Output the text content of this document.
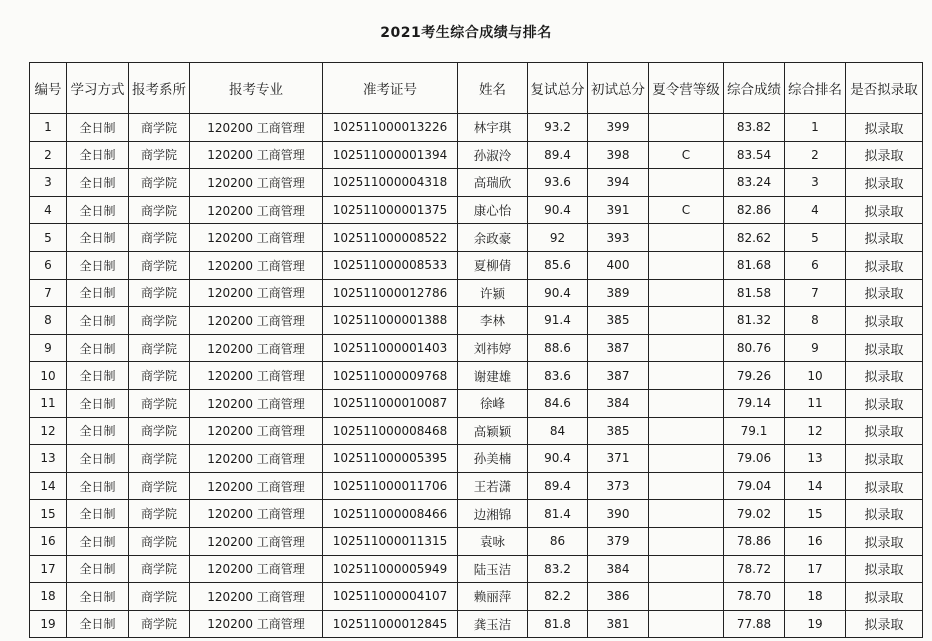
2021考生综合成绩与排名
编号	学习方式	报考系所	报考专业	准考证号	姓名	复试总分	初试总分	夏令营等级	综合成绩	综合排名	是否拟录取
1	全日制	商学院	120200 工商管理	102511000013226	林宇琪	93.2	399		83.82	1	拟录取
2	全日制	商学院	120200 工商管理	102511000001394	孙淑泠	89.4	398	C	83.54	2	拟录取
3	全日制	商学院	120200 工商管理	102511000004318	高瑞欣	93.6	394		83.24	3	拟录取
4	全日制	商学院	120200 工商管理	102511000001375	康心怡	90.4	391	C	82.86	4	拟录取
5	全日制	商学院	120200 工商管理	102511000008522	余政豪	92	393		82.62	5	拟录取
6	全日制	商学院	120200 工商管理	102511000008533	夏柳倩	85.6	400		81.68	6	拟录取
7	全日制	商学院	120200 工商管理	102511000012786	许颍	90.4	389		81.58	7	拟录取
8	全日制	商学院	120200 工商管理	102511000001388	李林	91.4	385		81.32	8	拟录取
9	全日制	商学院	120200 工商管理	102511000001403	刘祎婷	88.6	387		80.76	9	拟录取
10	全日制	商学院	120200 工商管理	102511000009768	谢建雄	83.6	387		79.26	10	拟录取
11	全日制	商学院	120200 工商管理	102511000010087	徐峰	84.6	384		79.14	11	拟录取
12	全日制	商学院	120200 工商管理	102511000008468	高颖颖	84	385		79.1	12	拟录取
13	全日制	商学院	120200 工商管理	102511000005395	孙美楠	90.4	371		79.06	13	拟录取
14	全日制	商学院	120200 工商管理	102511000011706	王若潇	89.4	373		79.04	14	拟录取
15	全日制	商学院	120200 工商管理	102511000008466	边湘锦	81.4	390		79.02	15	拟录取
16	全日制	商学院	120200 工商管理	102511000011315	袁咏	86	379		78.86	16	拟录取
17	全日制	商学院	120200 工商管理	102511000005949	陆玉洁	83.2	384		78.72	17	拟录取
18	全日制	商学院	120200 工商管理	102511000004107	赖丽萍	82.2	386		78.70	18	拟录取
19	全日制	商学院	120200 工商管理	102511000012845	龚玉洁	81.8	381		77.88	19	拟录取
